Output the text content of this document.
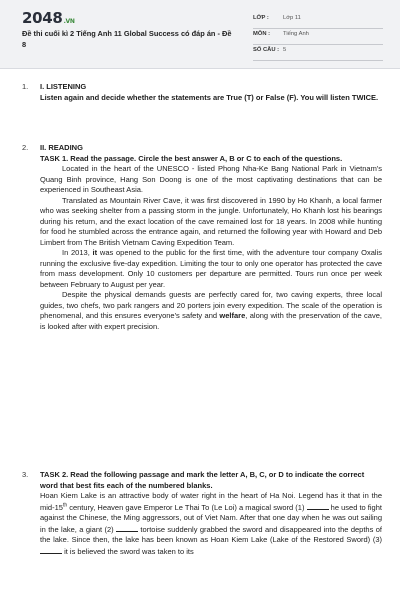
2048.VN
Đề thi cuối kì 2 Tiếng Anh 11 Global Success có đáp án - Đề 8
LỚP : Lớp 11
MÔN : Tiếng Anh
SỐ CÂU : 5
1.	I. LISTENING
Listen again and decide whether the statements are True (T) or False (F). You will listen TWICE.
2.	II. READING
TASK 1. Read the passage. Circle the best answer A, B or C to each of the questions.
Located in the heart of the UNESCO - listed Phong Nha-Ke Bang National Park in Vietnam's Quang Binh province, Hang Son Doong is one of the most captivating destinations that can be experienced in Southeast Asia.
Translated as Mountain River Cave, it was first discovered in 1990 by Ho Khanh, a local farmer who was seeking shelter from a passing storm in the jungle. Unfortunately, Ho Khanh lost his bearings during his return, and the exact location of the cave remained lost for 18 years. In 2008 while hunting for food he stumbled across the entrance again, and returned the following year with Howard and Deb Limbert from The British Vietnam Caving Expedition Team.
In 2013, it was opened to the public for the first time, with the adventure tour company Oxalis running the exclusive five-day expedition. Limiting the tour to only one operator has protected the cave from mass development. Only 10 customers per departure are permitted. Tours run once per week between February to August per year.
Despite the physical demands guests are perfectly cared for, two caving experts, three local guides, two chefs, two park rangers and 20 porters join every expedition. The scale of the operation is phenomenal, and this ensures everyone's safety and welfare, along with the preservation of the cave, is looked after with expert precision.
3.	TASK 2. Read the following passage and mark the letter A, B, C, or D to indicate the correct word that best fits each of the numbered blanks.
Hoan Kiem Lake is an attractive body of water right in the heart of Ha Noi. Legend has it that in the mid-15th century, Heaven gave Emperor Le Thai To (Le Loi) a magical sword (1)	he used to fight against the Chinese, the Ming aggressors, out of Viet Nam. After that one day when he was out sailing in the lake, a giant (2)	tortoise suddenly grabbed the sword and disappeared into the depths of the lake. Since then, the lake has been known as Hoan Kiem Lake (Lake of the Restored Sword) (3)  it is believed the sword was taken to its
